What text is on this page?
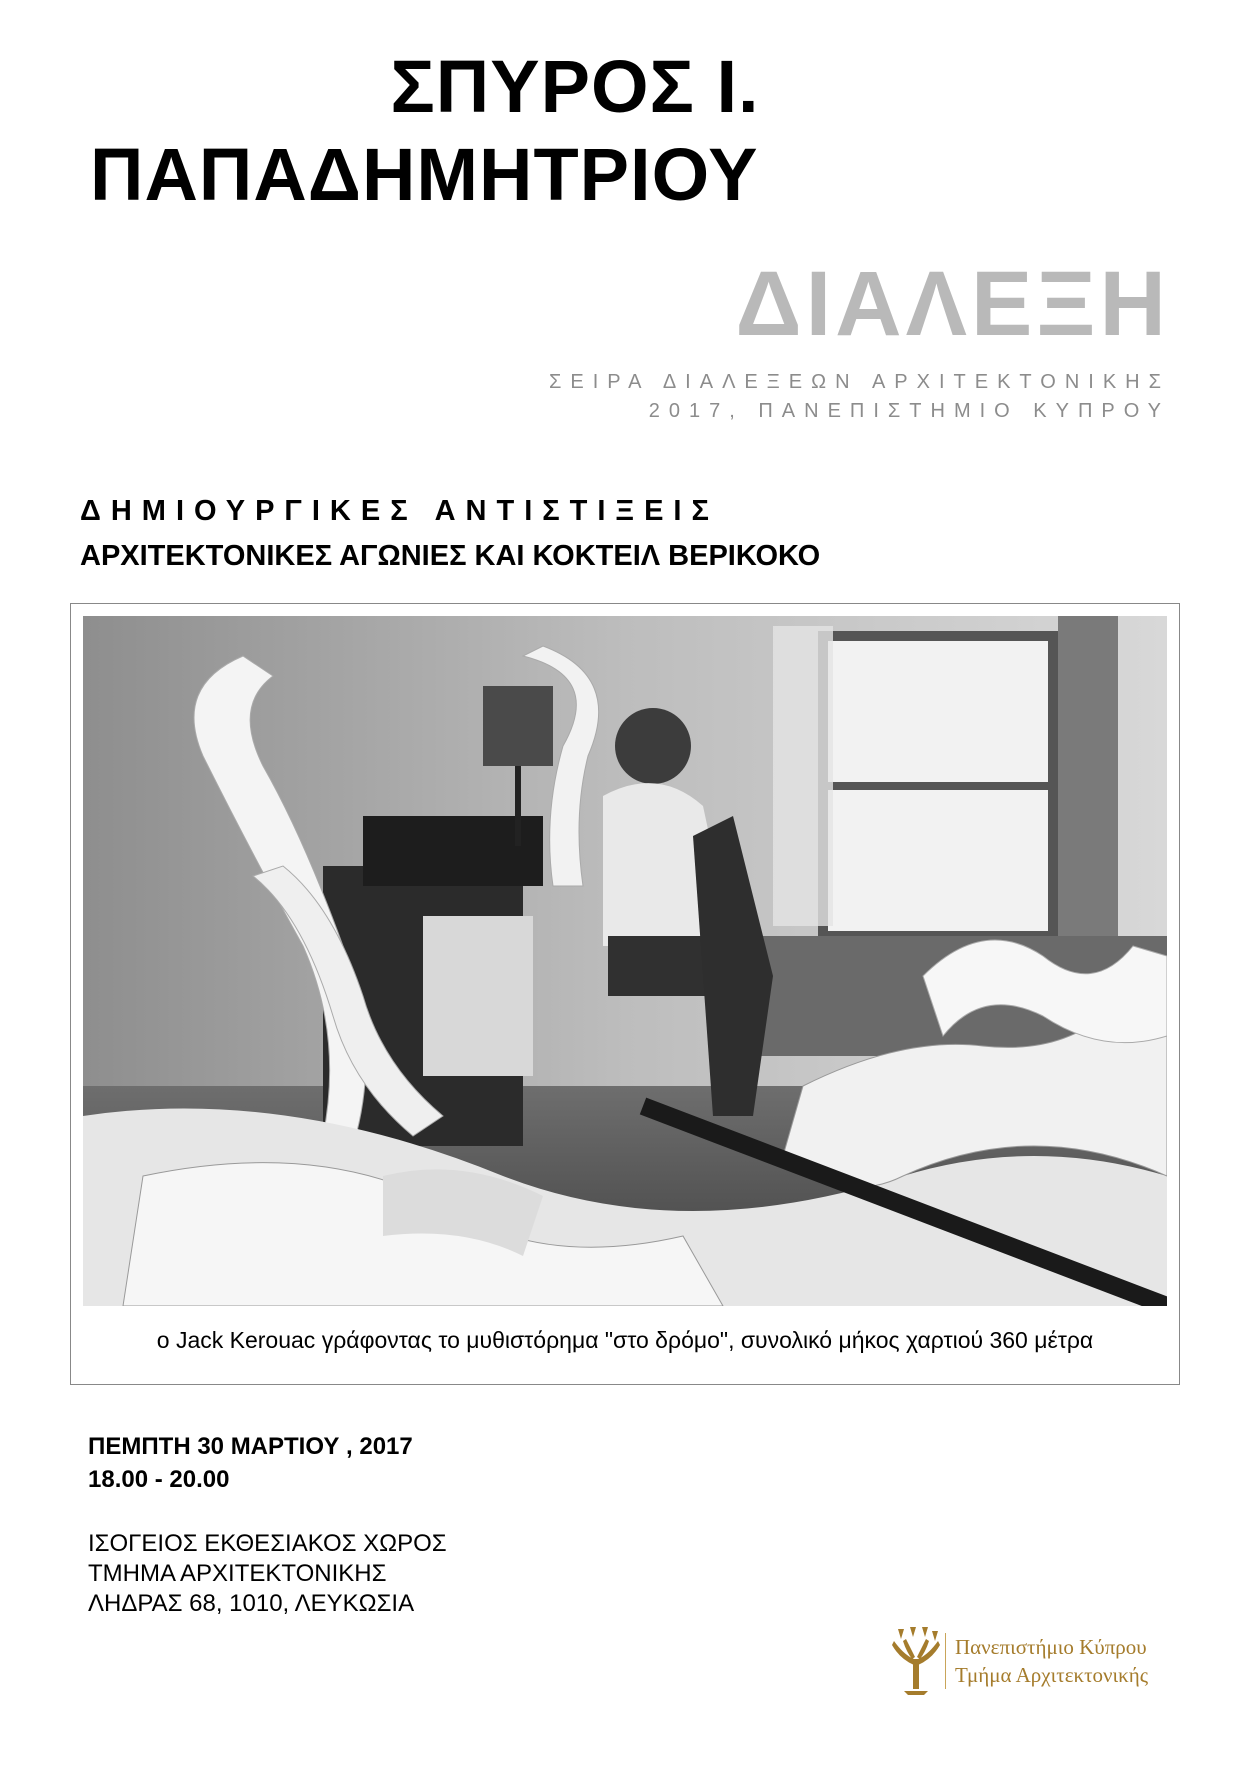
ΣΠΥΡΟΣ Ι.
ΠΑΠΑΔΗΜΗΤΡΙΟΥ
ΔΙΑΛΕΞΗ
ΣΕΙΡΑ ΔΙΑΛΕΞΕΩΝ ΑΡΧΙΤΕΚΤΟΝΙΚΗΣ
2017, ΠΑΝΕΠΙΣΤΗΜΙΟ ΚΥΠΡΟΥ
ΔΗΜΙΟΥΡΓΙΚΕΣ ΑΝΤΙΣΤΙΞΕΙΣ
ΑΡΧΙΤΕΚΤΟΝΙΚΕΣ ΑΓΩΝΙΕΣ ΚΑΙ ΚΟΚΤΕΙΛ ΒΕΡΙΚΟΚΟ
ο Jack Kerouac γράφοντας το μυθιστόρημα "στο δρόμο", συνολικό μήκος χαρτιού 360 μέτρα
ΠΕΜΠΤΗ 30 ΜΑΡΤΙΟΥ , 2017
18.00 - 20.00
ΙΣΟΓΕΙΟΣ ΕΚΘΕΣΙΑΚΟΣ ΧΩΡΟΣ
ΤΜΗΜΑ ΑΡΧΙΤΕΚΤΟΝΙΚΗΣ
ΛΗΔΡΑΣ 68, 1010, ΛΕΥΚΩΣΙΑ
Πανεπιστήμιο Κύπρου
Τμήμα Αρχιτεκτονικής
